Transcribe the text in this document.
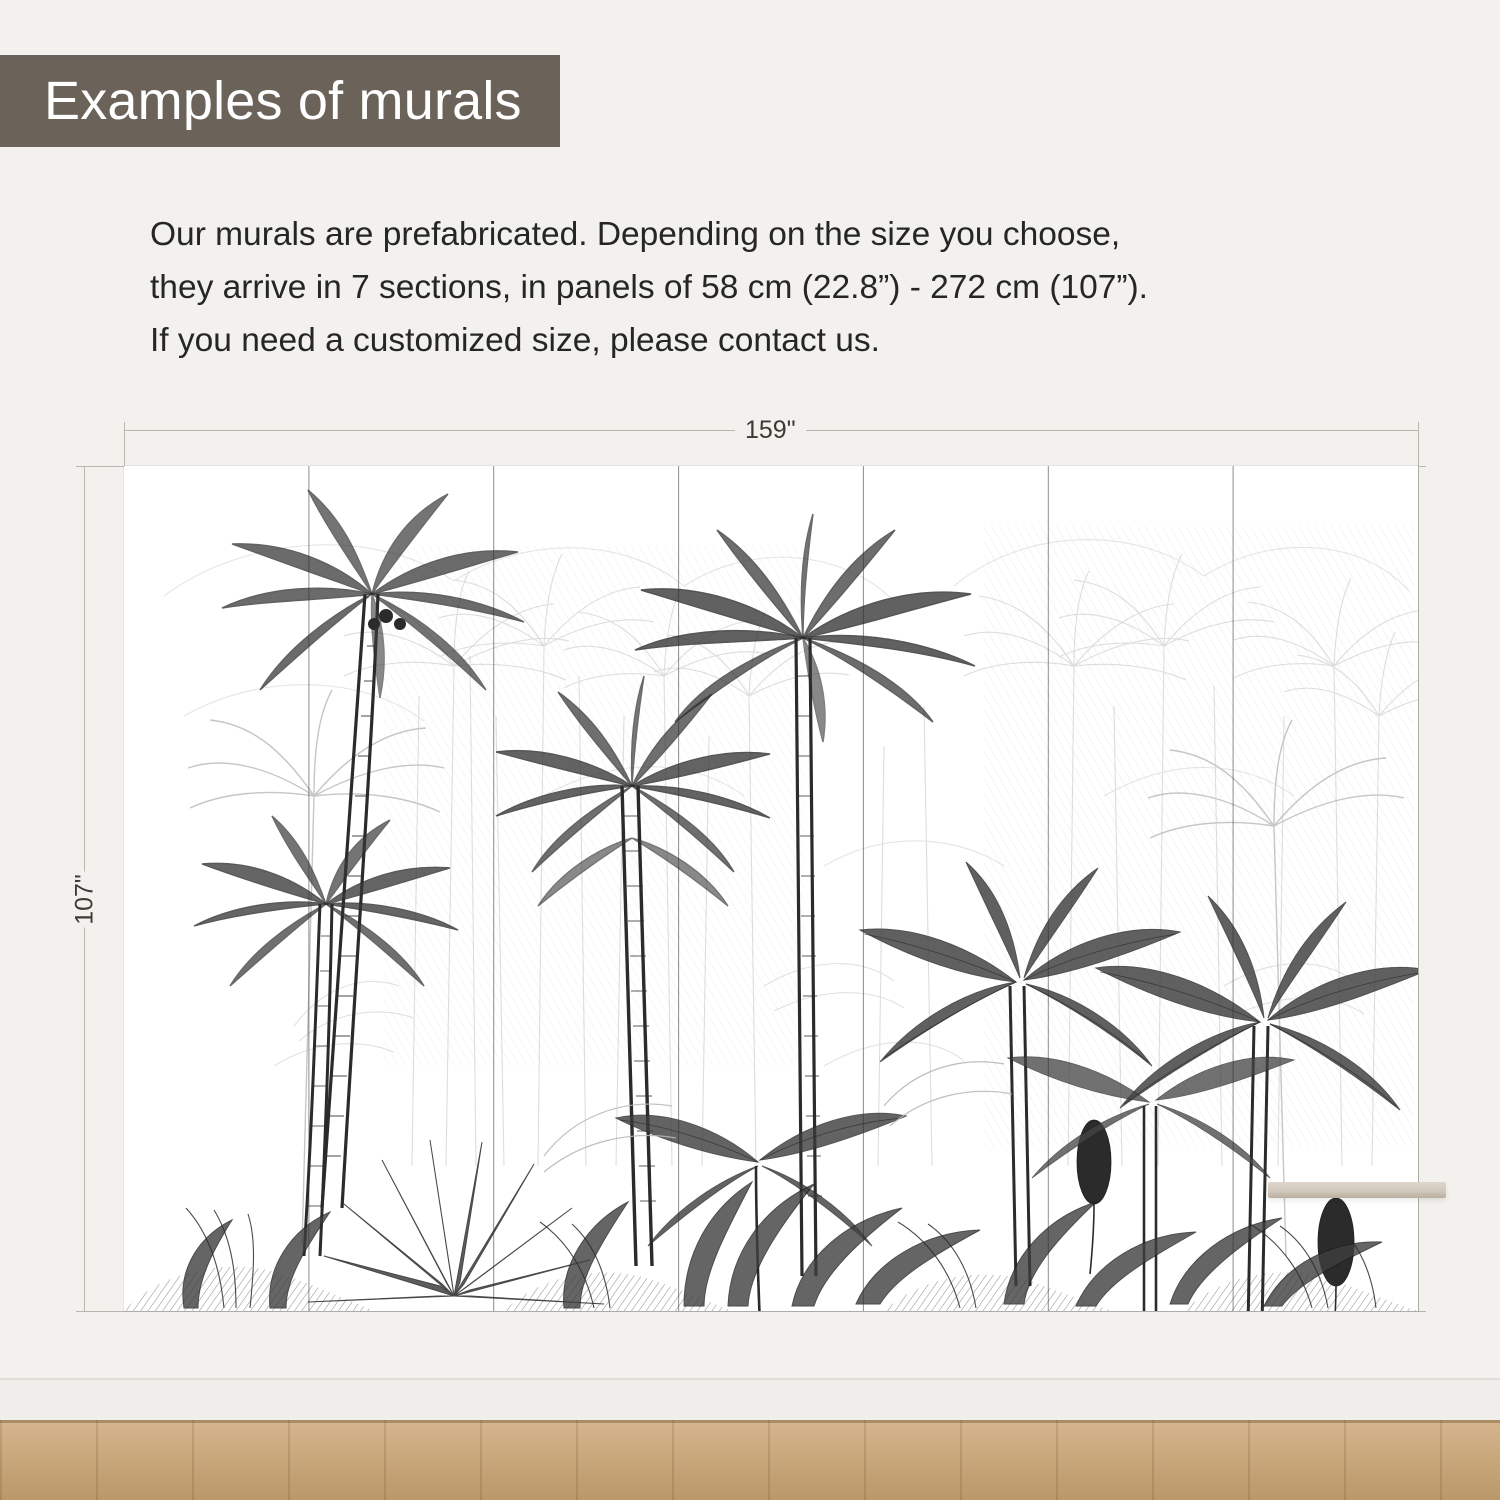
Examples of murals
Our murals are prefabricated. Depending on the size you choose,
they arrive in 7 sections, in panels of 58 cm (22.8”) - 272 cm (107”).
If you need a customized size, please contact us.
159"
107"
